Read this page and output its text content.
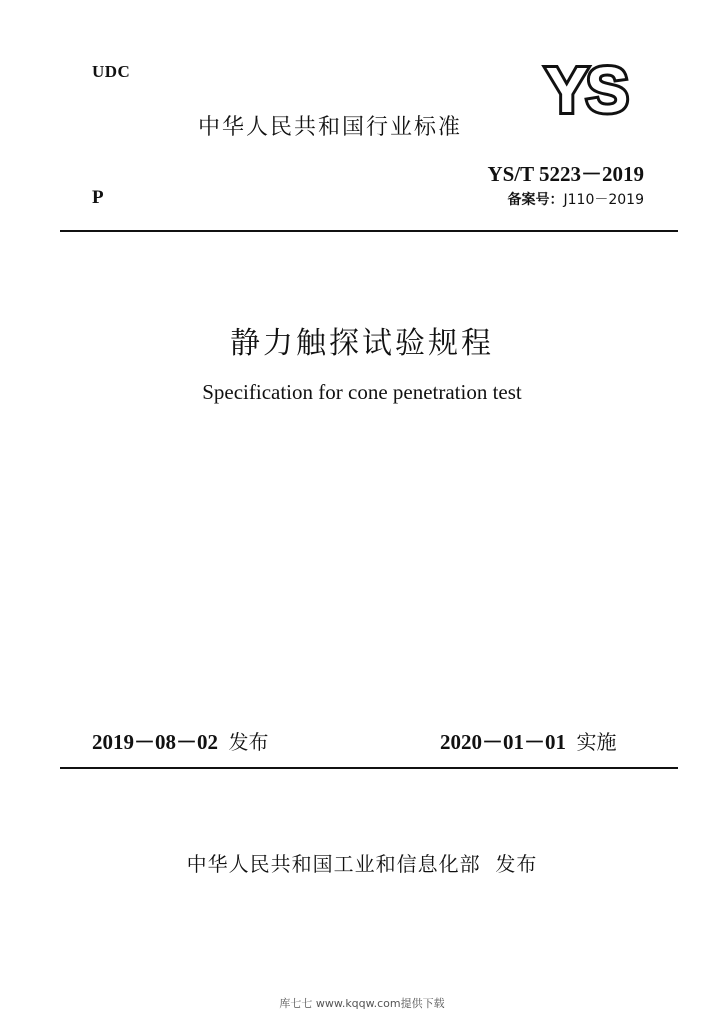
UDC
中华人民共和国行业标准
YS
YS/T 5223－2019
P	备案号：J110－2019
静力触探试验规程
Specification for cone penetration test
2019－08－02 发布	2020－01－01 实施
中华人民共和国工业和信息化部  发布
库七七 www.kqqw.com提供下载
